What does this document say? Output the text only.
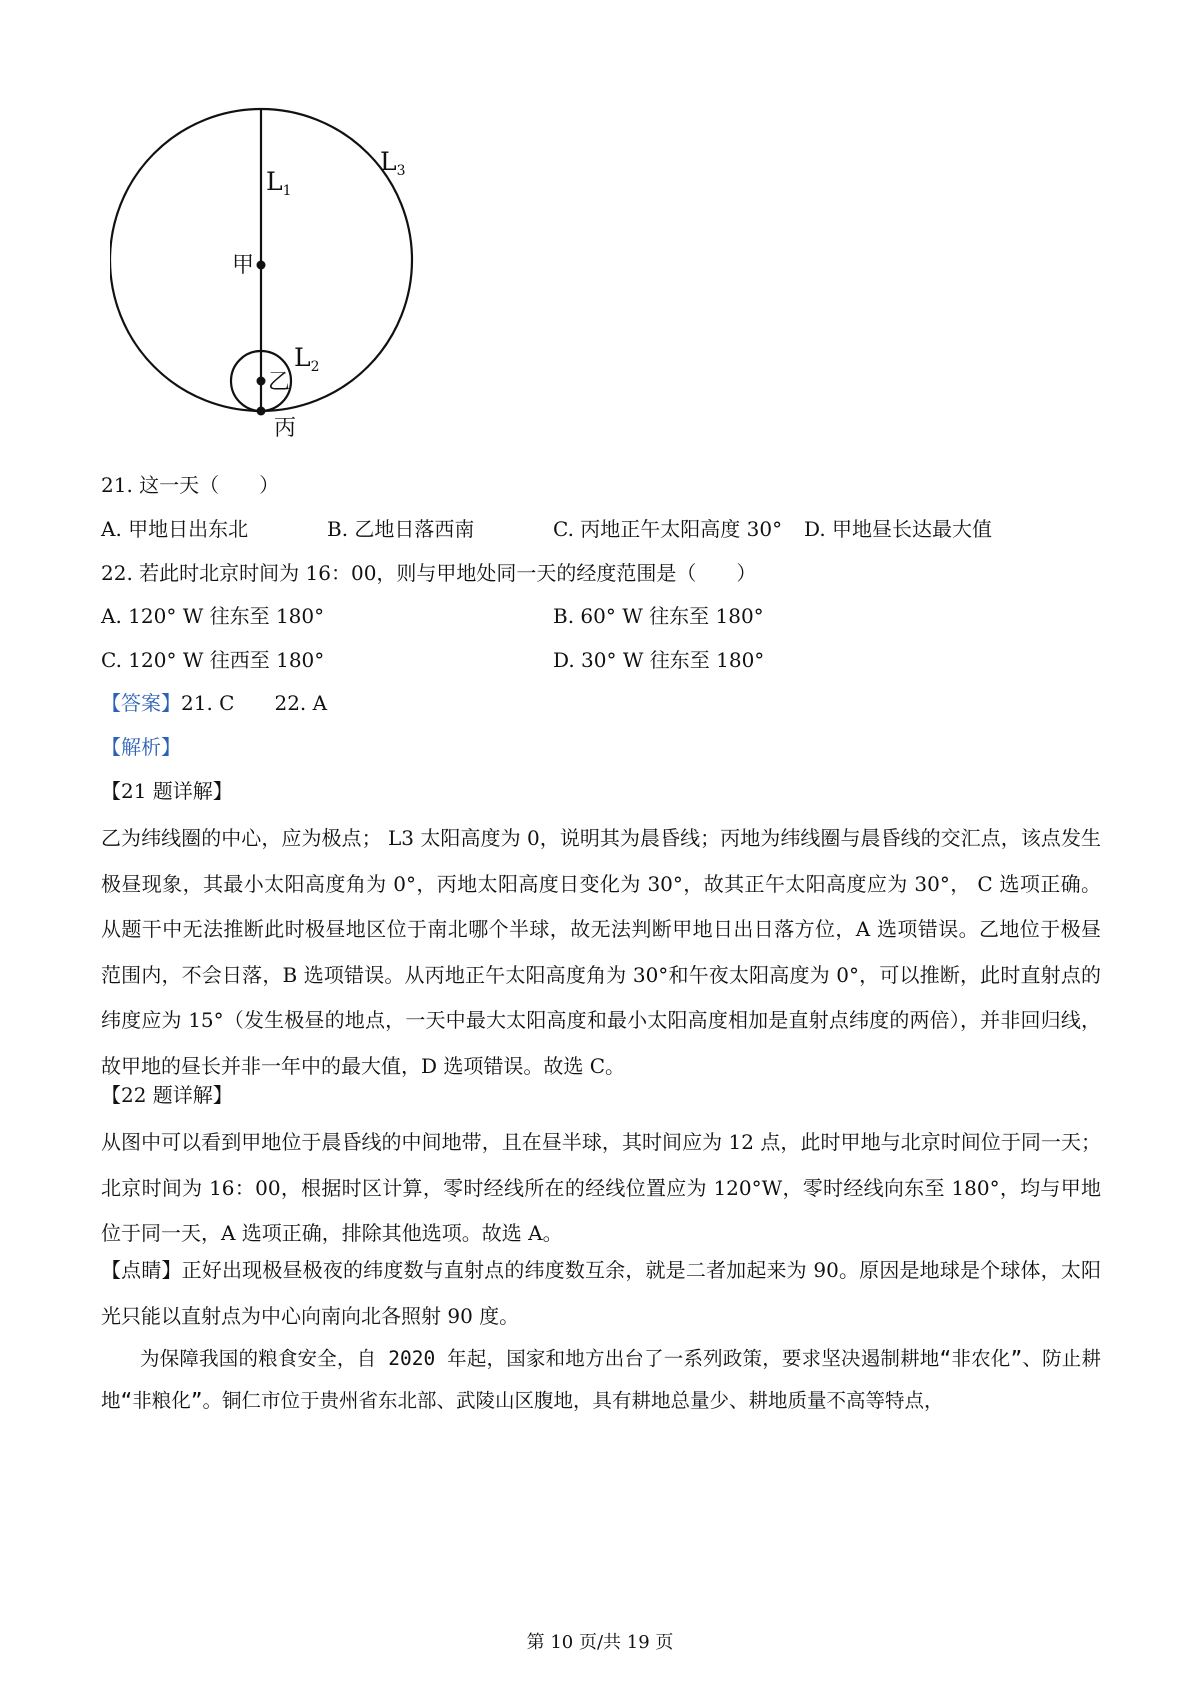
$L_1$
$L_3$
$L_2$
甲
乙
丙
21. 这一天（　　）
A. 甲地日出东北	B. 乙地日落西南	C. 丙地正午太阳高度 30° D. 甲地昼长达最大值
22. 若此时北京时间为 16：00，则与甲地处同一天的经度范围是（　　）
A. 120° W 往东至 180°	B. 60° W 往东至 180°
C. 120° W 往西至 180°	D. 30° W 往东至 180°
【答案】21. C　　22. A
【解析】
【21 题详解】
乙为纬线圈的中心，应为极点； L3 太阳高度为 0，说明其为晨昏线；丙地为纬线圈与晨昏线的交汇点，该点发生极昼现象，其最小太阳高度角为 0°，丙地太阳高度日变化为 30°，故其正午太阳高度应为 30°， C 选项正确。从题干中无法推断此时极昼地区位于南北哪个半球，故无法判断甲地日出日落方位，A 选项错误。乙地位于极昼范围内，不会日落，B 选项错误。从丙地正午太阳高度角为 30°和午夜太阳高度为 0°，可以推断，此时直射点的纬度应为 15°（发生极昼的地点，一天中最大太阳高度和最小太阳高度相加是直射点纬度的两倍），并非回归线，故甲地的昼长并非一年中的最大值，D 选项错误。故选 C。
【22 题详解】
从图中可以看到甲地位于晨昏线的中间地带，且在昼半球，其时间应为 12 点，此时甲地与北京时间位于同一天；北京时间为 16：00，根据时区计算，零时经线所在的经线位置应为 120°W，零时经线向东至 180°，均与甲地位于同一天，A 选项正确，排除其他选项。故选 A。
【点睛】正好出现极昼极夜的纬度数与直射点的纬度数互余，就是二者加起来为 90。原因是地球是个球体，太阳光只能以直射点为中心向南向北各照射 90 度。
为保障我国的粮食安全，自 2020 年起，国家和地方出台了一系列政策，要求坚决遏制耕地“非农化”、防止耕地“非粮化”。铜仁市位于贵州省东北部、武陵山区腹地，具有耕地总量少、耕地质量不高等特点，
第 10 页/共 19 页
